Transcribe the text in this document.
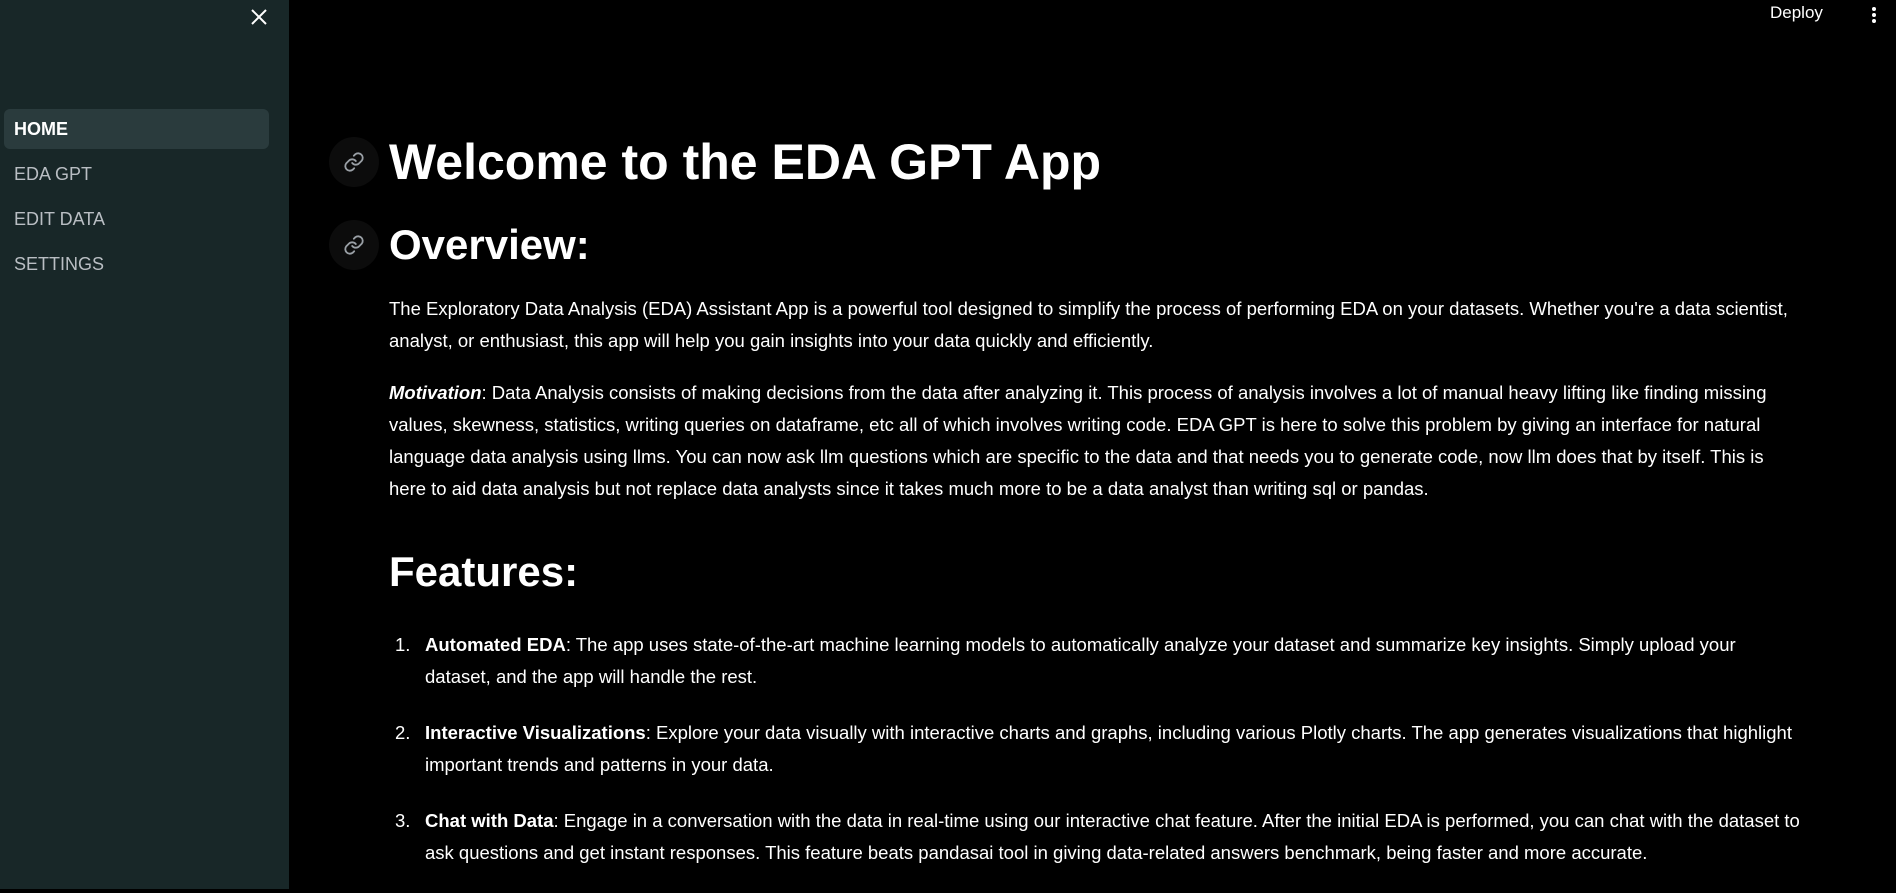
HOME
EDA GPT
EDIT DATA
SETTINGS
Deploy
Welcome to the EDA GPT App
Overview:

The Exploratory Data Analysis (EDA) Assistant App is a powerful tool designed to simplify the process of performing EDA on your datasets. Whether you're a data scientist, analyst, or enthusiast, this app will help you gain insights into your data quickly and efficiently.

Motivation: Data Analysis consists of making decisions from the data after analyzing it. This process of analysis involves a lot of manual heavy lifting like finding missing values, skewness, statistics, writing queries on dataframe, etc all of which involves writing code. EDA GPT is here to solve this problem by giving an interface for natural language data analysis using llms. You can now ask llm questions which are specific to the data and that needs you to generate code, now llm does that by itself. This is here to aid data analysis but not replace data analysts since it takes much more to be a data analyst than writing sql or pandas.

Features:
1. Automated EDA: The app uses state-of-the-art machine learning models to automatically analyze your dataset and summarize key insights. Simply upload your dataset, and the app will handle the rest.
2. Interactive Visualizations: Explore your data visually with interactive charts and graphs, including various Plotly charts. The app generates visualizations that highlight important trends and patterns in your data.
3. Chat with Data: Engage in a conversation with the data in real-time using our interactive chat feature. After the initial EDA is performed, you can chat with the dataset to ask questions and get instant responses. This feature beats pandasai tool in giving data-related answers benchmark, being faster and more accurate.
